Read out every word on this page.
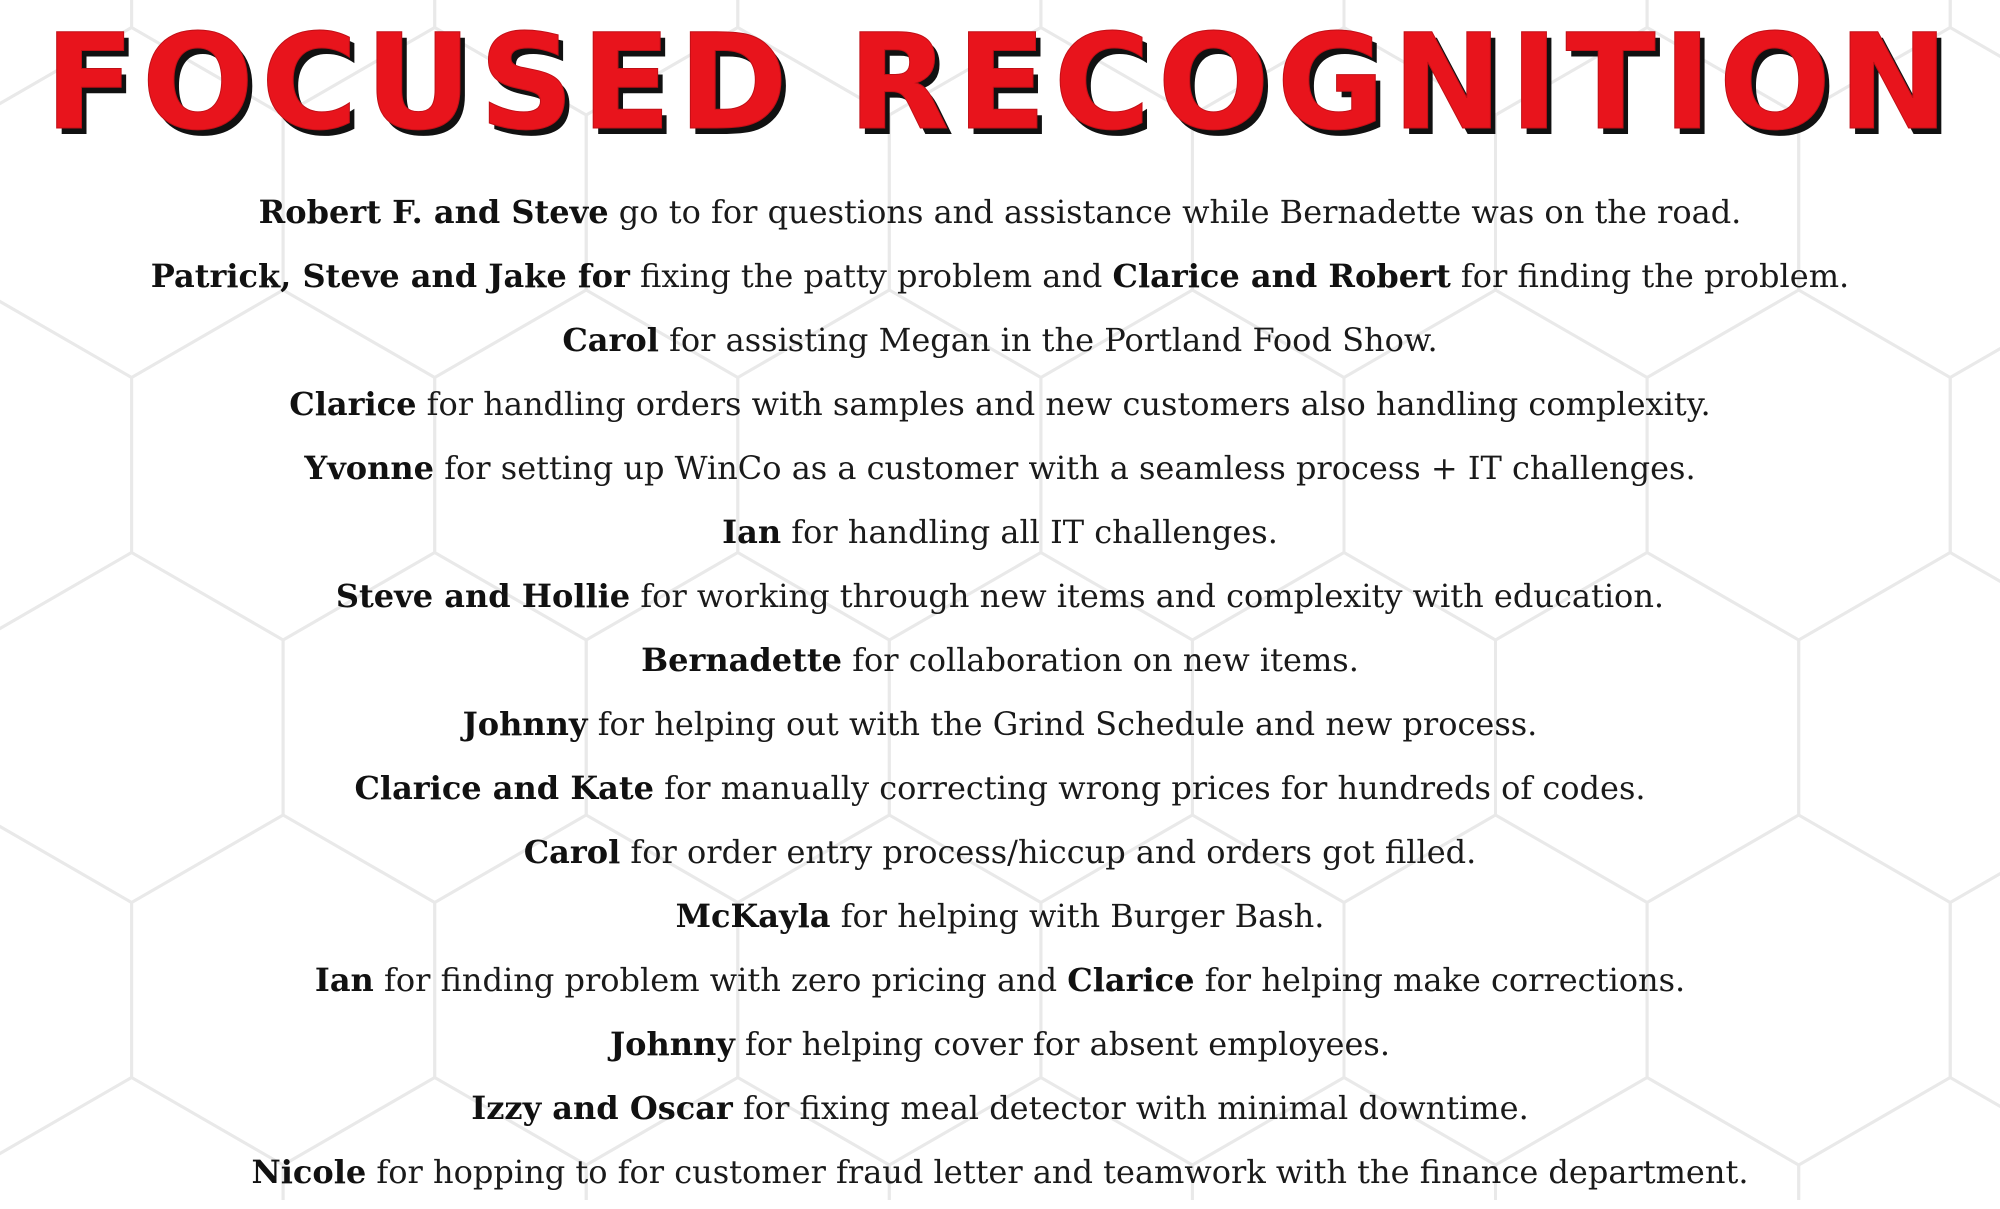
FOCUSED RECOGNITION
Robert F. and Steve go to for questions and assistance while Bernadette was on the road.
Patrick, Steve and Jake for fixing the patty problem and Clarice and Robert for finding the problem.
Carol for assisting Megan in the Portland Food Show.
Clarice for handling orders with samples and new customers also handling complexity.
Yvonne for setting up WinCo as a customer with a seamless process + IT challenges.
Ian for handling all IT challenges.
Steve and Hollie for working through new items and complexity with education.
Bernadette for collaboration on new items.
Johnny for helping out with the Grind Schedule and new process.
Clarice and Kate for manually correcting wrong prices for hundreds of codes.
Carol for order entry process/hiccup and orders got filled.
McKayla for helping with Burger Bash.
Ian for finding problem with zero pricing and Clarice for helping make corrections.
Johnny for helping cover for absent employees.
Izzy and Oscar for fixing meal detector with minimal downtime.
Nicole for hopping to for customer fraud letter and teamwork with the finance department.
